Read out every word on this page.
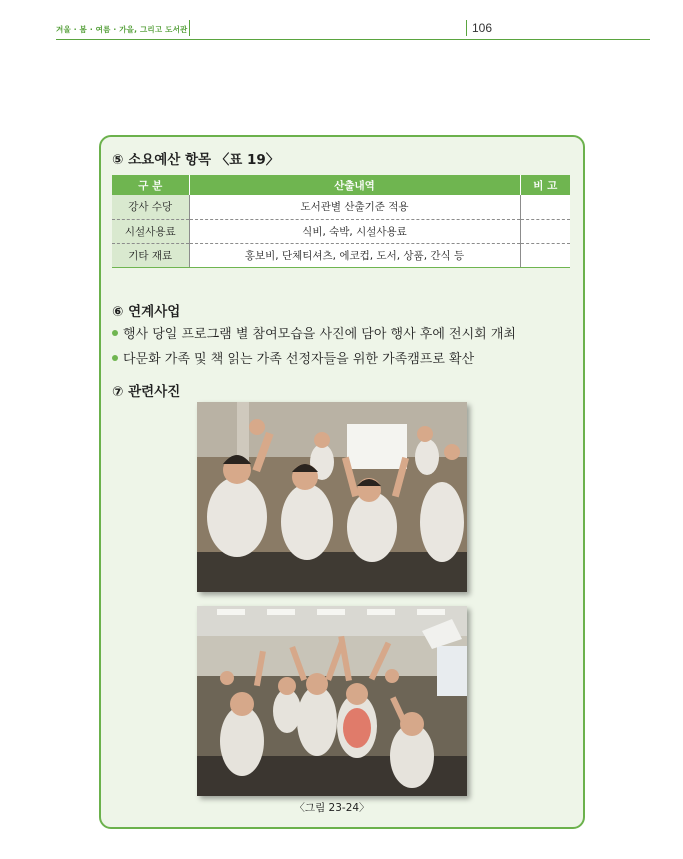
겨울 · 봄 · 여름 · 가을, 그리고 도서관	106
⑤ 소요예산 항목 〈표 19〉
구 분	산출내역	비 고
강사 수당	도서관별 산출기준 적용	
시설사용료	식비, 숙박, 시설사용료	
기타 재료	홍보비, 단체티셔츠, 에코컵, 도서, 상품, 간식 등	
⑥ 연계사업
행사 당일 프로그램 별 참여모습을 사진에 담아 행사 후에 전시회 개최
다문화 가족 및 책 읽는 가족 선정자들을 위한 가족캠프로 확산
⑦ 관련사진
〈그림 23-24〉
